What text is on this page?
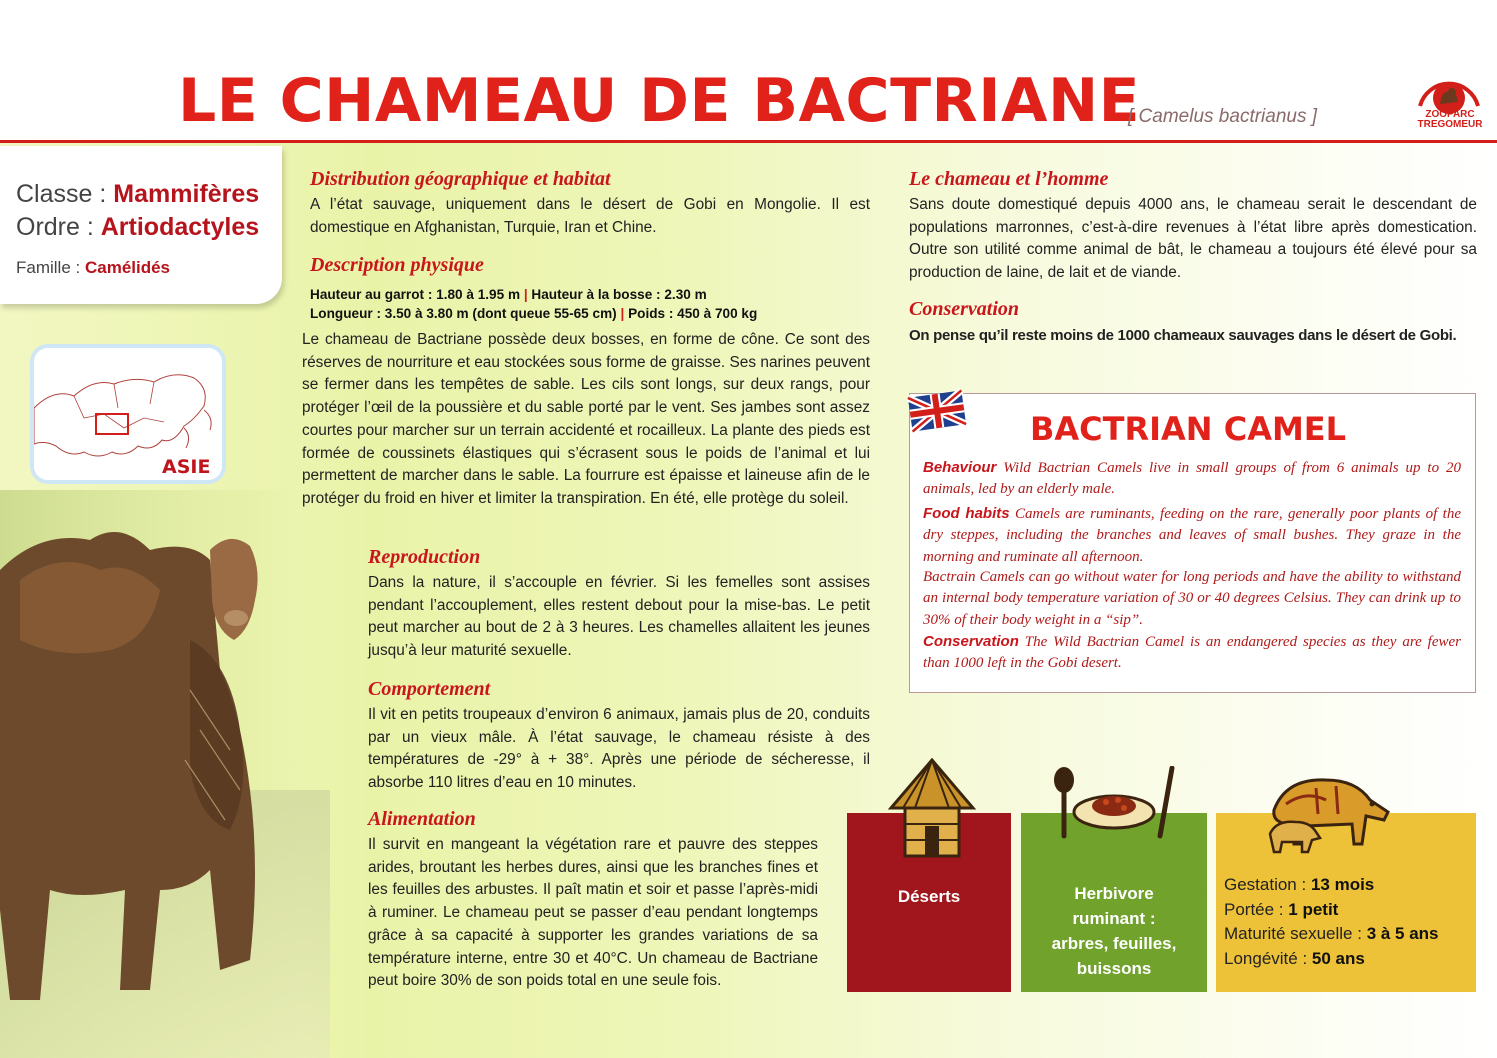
LE CHAMEAU DE BACTRIANE
[ Camelus bactrianus ]	ZOOPARC
TREGOMEUR
Classe : Mammifères
Ordre : Artiodactyles
Famille : Camélidés
ASIE
Distribution géographique et habitat
A l’état sauvage, uniquement dans le désert de Gobi en Mongolie. Il est domestique en Afghanistan, Turquie, Iran et Chine.
Description physique
Hauteur au garrot : 1.80 à 1.95 m | Hauteur à la bosse : 2.30 m
Longueur : 3.50 à 3.80 m (dont queue 55-65 cm) | Poids : 450 à 700 kg
Le chameau de Bactriane possède deux bosses, en forme de cône. Ce sont des réserves de nourriture et eau stockées sous forme de graisse. Ses narines peuvent se fermer dans les tempêtes de sable. Les cils sont longs, sur deux rangs, pour protéger l’œil de la poussière et du sable porté par le vent. Ses jambes sont assez courtes pour marcher sur un terrain accidenté et rocailleux. La plante des pieds est formée de coussinets élastiques qui s’écrasent sous le poids de l’animal et lui permettent de marcher dans le sable. La fourrure est épaisse et laineuse afin de le protéger du froid en hiver et limiter la transpiration. En été, elle protège du soleil.
Reproduction
Dans la nature, il s’accouple en février. Si les femelles sont assises pendant l’accouplement, elles restent debout pour la mise-bas. Le petit peut marcher au bout de 2 à 3 heures. Les chamelles allaitent les jeunes jusqu’à leur maturité sexuelle.
Comportement
Il vit en petits troupeaux d’environ 6 animaux, jamais plus de 20, conduits par un vieux mâle. À l’état sauvage, le chameau résiste à des températures de -29° à + 38°. Après une période de sécheresse, il absorbe 110 litres d’eau en 10 minutes.
Alimentation
Il survit en mangeant la végétation rare et pauvre des steppes arides, broutant les herbes dures, ainsi que les branches fines et les feuilles des arbustes. Il paît matin et soir et passe l’après-midi à ruminer. Le chameau peut se passer d’eau pendant longtemps grâce à sa capacité à supporter les grandes variations de sa température interne, entre 30 et 40°C. Un chameau de Bactriane peut boire 30% de son poids total en une seule fois.
Le chameau et l’homme
Sans doute domestiqué depuis 4000 ans, le chameau serait le descendant de populations marronnes, c’est-à-dire revenues à l’état libre après domestication. Outre son utilité comme animal de bât, le chameau a toujours été élevé pour sa production de laine, de lait et de viande.
Conservation
On pense qu’il reste moins de 1000 chameaux sauvages dans le désert de Gobi.
BACTRIAN CAMEL
Behaviour Wild Bactrian Camels live in small groups of from 6 animals up to 20 animals, led by an elderly male.
Food habits Camels are ruminants, feeding on the rare, generally poor plants of the dry steppes, including the branches and leaves of small bushes. They graze in the morning and ruminate all afternoon.
Bactrain Camels can go without water for long periods and have the ability to withstand an internal body temperature variation of 30 or 40 degrees Celsius. They can drink up to 30% of their body weight in a “sip”.
Conservation The Wild Bactrian Camel is an endangered species as they are fewer than 1000 left in the Gobi desert.
Déserts	Herbivore
ruminant :
arbres, feuilles,
buissons
Gestation : 13 mois
Portée : 1 petit
Maturité sexuelle : 3 à 5 ans
Longévité : 50 ans
